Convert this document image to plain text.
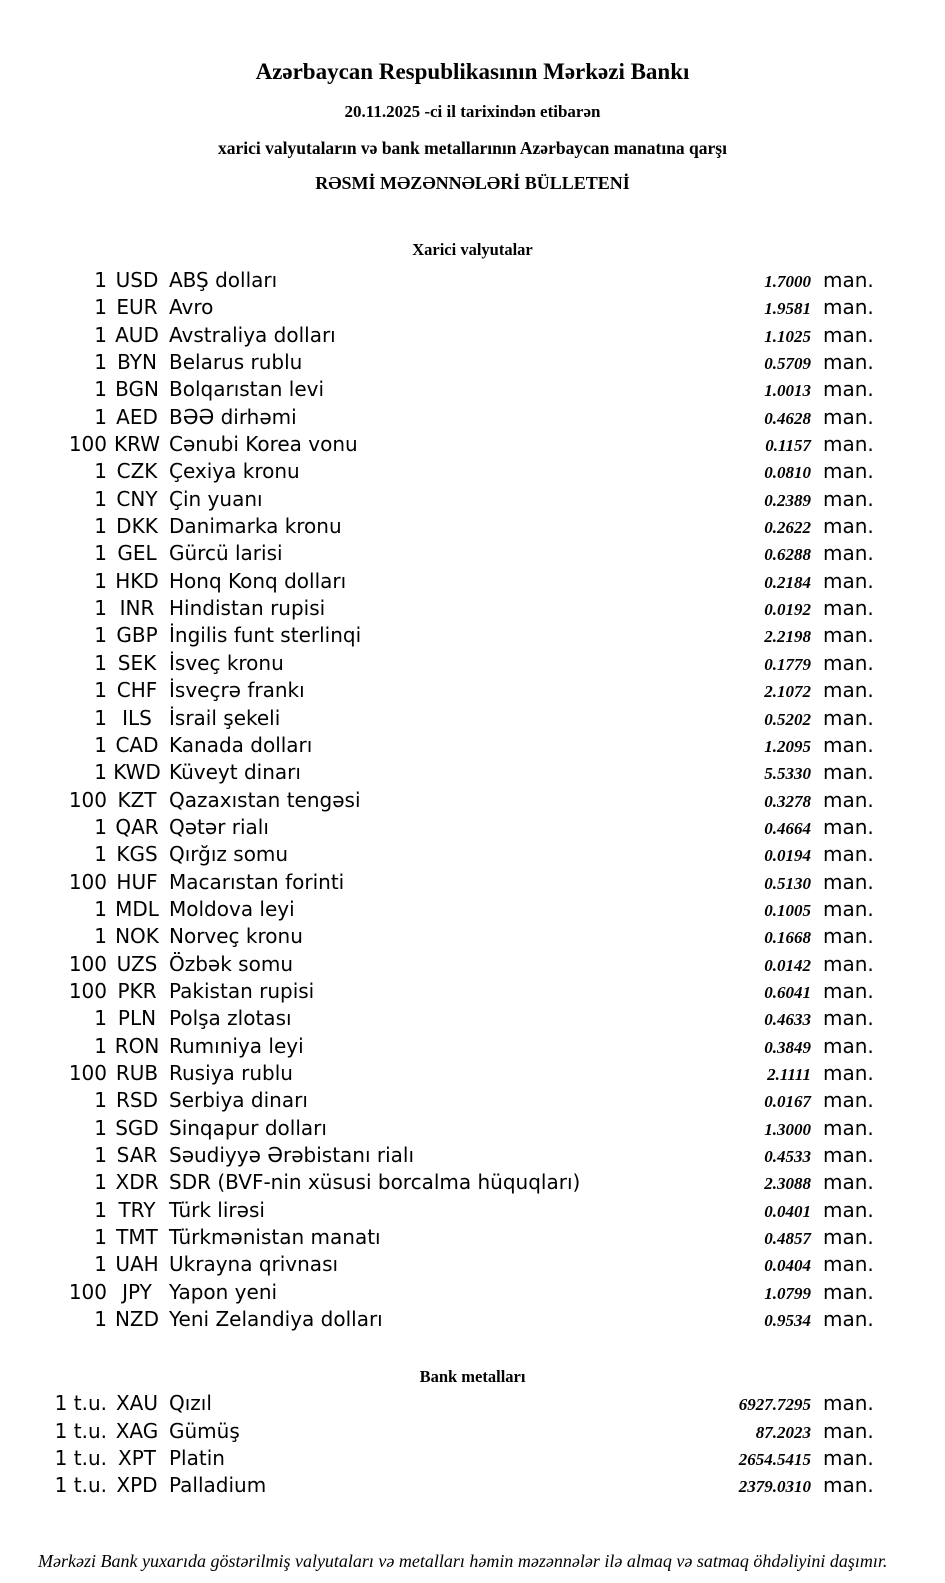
Azərbaycan Respublikasının Mərkəzi Bankı
20.11.2025 -ci il tarixindən etibarən
xarici valyutaların və bank metallarının Azərbaycan manatına qarşı
RƏSMİ MƏZƏNNƏLƏRİ BÜLLETENİ
Xarici valyutalar
1 USD ABŞ dolları	1.7000 man.
1 EUR Avro	1.9581 man.
1 AUD Avstraliya dolları	1.1025 man.
1 BYN Belarus rublu	0.5709 man.
1 BGN Bolqarıstan levi	1.0013 man.
1 AED BƏƏ dirhəmi	0.4628 man.
100 KRW Cənubi Korea vonu	0.1157 man.
1 CZK Çexiya kronu	0.0810 man.
1 CNY Çin yuanı	0.2389 man.
1 DKK Danimarka kronu	0.2622 man.
1 GEL Gürcü larisi	0.6288 man.
1 HKD Honq Konq dolları	0.2184 man.
1 INR Hindistan rupisi	0.0192 man.
1 GBP İngilis funt sterlinqi	2.2198 man.
1 SEK İsveç kronu	0.1779 man.
1 CHF İsveçrə frankı	2.1072 man.
1 ILS İsrail şekeli	0.5202 man.
1 CAD Kanada dolları	1.2095 man.
1 KWD Küveyt dinarı	5.5330 man.
100 KZT Qazaxıstan tengəsi	0.3278 man.
1 QAR Qətər rialı	0.4664 man.
1 KGS Qırğız somu	0.0194 man.
100 HUF Macarıstan forinti	0.5130 man.
1 MDL Moldova leyi	0.1005 man.
1 NOK Norveç kronu	0.1668 man.
100 UZS Özbək somu	0.0142 man.
100 PKR Pakistan rupisi	0.6041 man.
1 PLN Polşa zlotası	0.4633 man.
1 RON Rumıniya leyi	0.3849 man.
100 RUB Rusiya rublu	2.1111 man.
1 RSD Serbiya dinarı	0.0167 man.
1 SGD Sinqapur dolları	1.3000 man.
1 SAR Səudiyyə Ərəbistanı rialı	0.4533 man.
1 XDR SDR (BVF-nin xüsusi borcalma hüquqları)	2.3088 man.
1 TRY Türk lirəsi	0.0401 man.
1 TMT Türkmənistan manatı	0.4857 man.
1 UAH Ukrayna qrivnası	0.0404 man.
100 JPY Yapon yeni	1.0799 man.
1 NZD Yeni Zelandiya dolları	0.9534 man.
Bank metalları
1 t.u. XAU Qızıl	6927.7295 man.
1 t.u. XAG Gümüş	87.2023 man.
1 t.u. XPT Platin	2654.5415 man.
1 t.u. XPD Palladium	2379.0310 man.
Mərkəzi Bank yuxarıda göstərilmiş valyutaları və metalları həmin məzənnələr ilə almaq və satmaq öhdəliyini daşımır.
